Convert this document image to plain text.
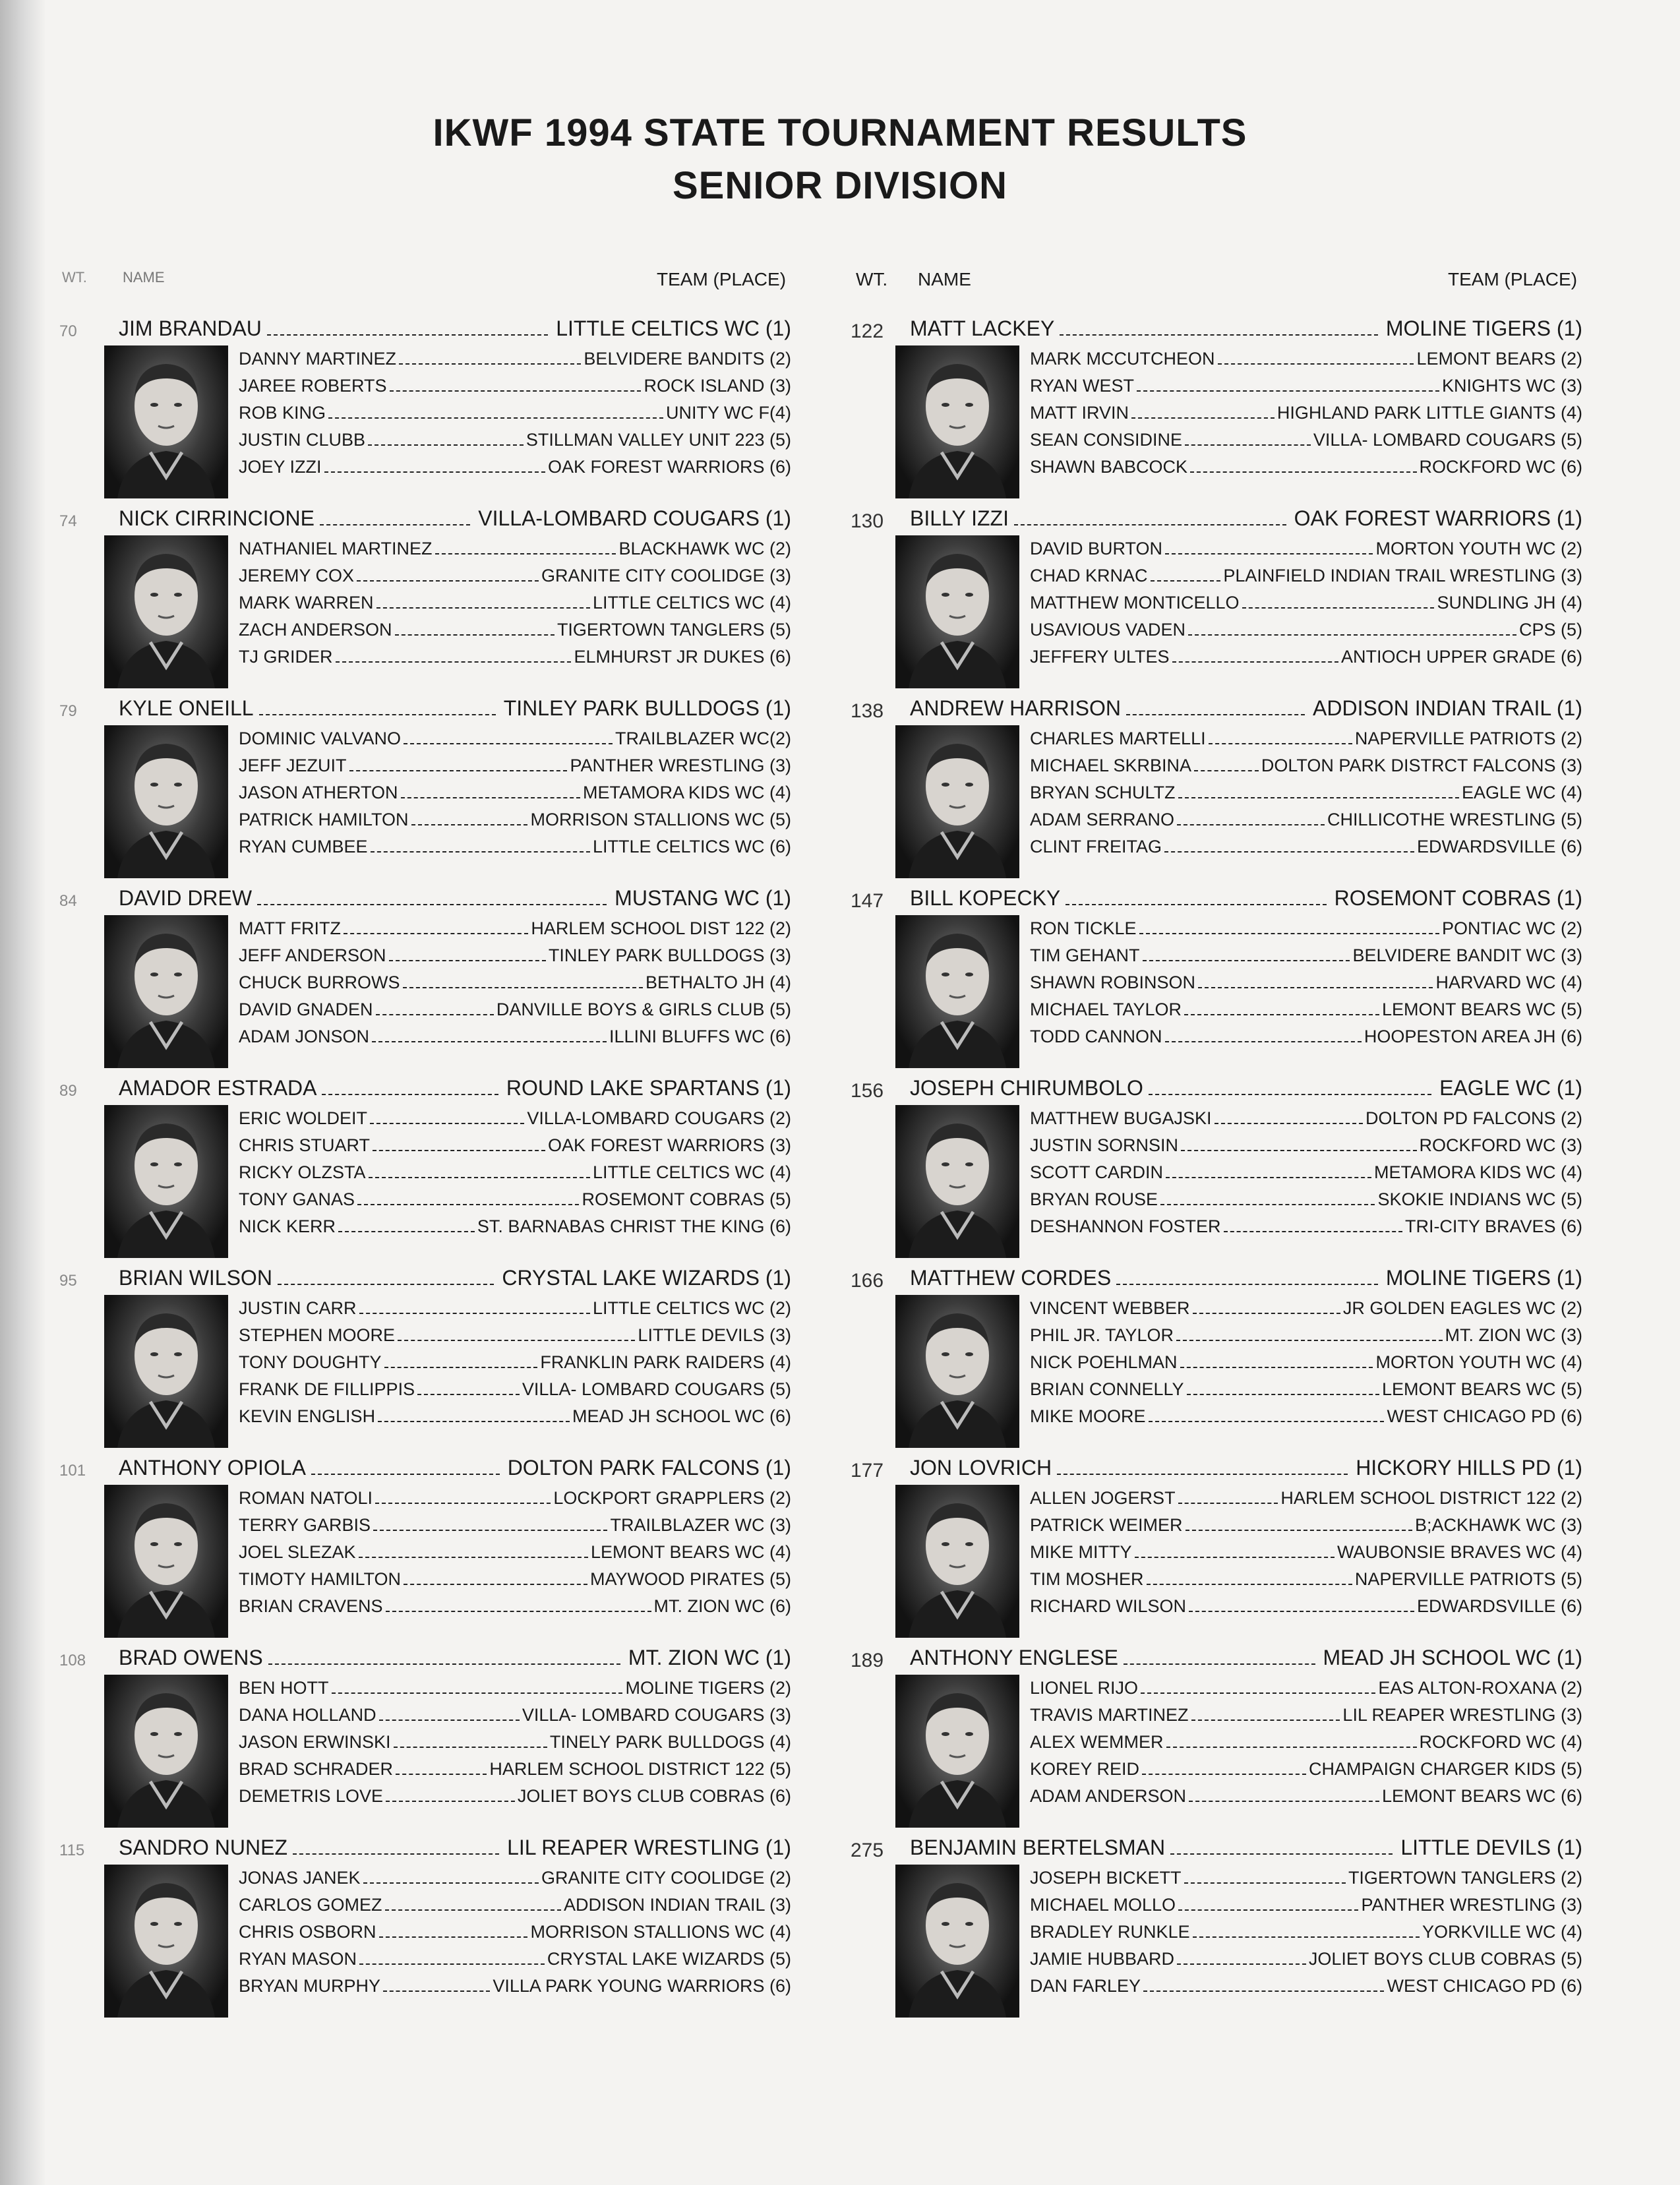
IKWF 1994 STATE TOURNAMENT RESULTS
SENIOR DIVISION
WT. NAME	TEAM (PLACE)	WT. NAME	TEAM (PLACE)
70	JIM BRANDAU	LITTLE CELTICS WC (1)
DANNY MARTINEZ	BELVIDERE BANDITS (2)
JAREE ROBERTS	ROCK ISLAND (3)
ROB KING	UNITY WC F(4)
JUSTIN CLUBB	STILLMAN VALLEY UNIT 223 (5)
JOEY IZZI	OAK FOREST WARRIORS (6)
74	NICK CIRRINCIONE	VILLA-LOMBARD COUGARS (1)
NATHANIEL MARTINEZ	BLACKHAWK WC (2)
JEREMY COX	GRANITE CITY COOLIDGE (3)
MARK WARREN	LITTLE CELTICS WC (4)
ZACH ANDERSON	TIGERTOWN TANGLERS (5)
TJ GRIDER	ELMHURST JR DUKES (6)
79	KYLE ONEILL	TINLEY PARK BULLDOGS (1)
DOMINIC VALVANO	TRAILBLAZER WC(2)
JEFF JEZUIT	PANTHER WRESTLING (3)
JASON ATHERTON	METAMORA KIDS WC (4)
PATRICK HAMILTON	MORRISON STALLIONS WC (5)
RYAN CUMBEE	LITTLE CELTICS WC (6)
84	DAVID DREW	MUSTANG WC (1)
MATT FRITZ	HARLEM SCHOOL DIST 122 (2)
JEFF ANDERSON	TINLEY PARK BULLDOGS (3)
CHUCK BURROWS	BETHALTO JH (4)
DAVID GNADEN	DANVILLE BOYS & GIRLS CLUB (5)
ADAM JONSON	ILLINI BLUFFS WC (6)
89	AMADOR ESTRADA	ROUND LAKE SPARTANS (1)
ERIC WOLDEIT	VILLA-LOMBARD COUGARS (2)
CHRIS STUART	OAK FOREST WARRIORS (3)
RICKY OLZSTA	LITTLE CELTICS WC (4)
TONY GANAS	ROSEMONT COBRAS (5)
NICK KERR	ST. BARNABAS CHRIST THE KING (6)
95	BRIAN WILSON	CRYSTAL LAKE WIZARDS (1)
JUSTIN CARR	LITTLE CELTICS WC (2)
STEPHEN MOORE	LITTLE DEVILS (3)
TONY DOUGHTY	FRANKLIN PARK RAIDERS (4)
FRANK DE FILLIPPIS	VILLA- LOMBARD COUGARS (5)
KEVIN ENGLISH	MEAD JH SCHOOL WC (6)
101	ANTHONY OPIOLA	DOLTON PARK FALCONS (1)
ROMAN NATOLI	LOCKPORT GRAPPLERS (2)
TERRY GARBIS	TRAILBLAZER WC (3)
JOEL SLEZAK	LEMONT BEARS WC (4)
TIMOTY HAMILTON	MAYWOOD PIRATES (5)
BRIAN CRAVENS	MT. ZION WC (6)
108	BRAD OWENS	MT. ZION WC (1)
BEN HOTT	MOLINE TIGERS (2)
DANA HOLLAND	VILLA- LOMBARD COUGARS (3)
JASON ERWINSKI	TINELY PARK BULLDOGS (4)
BRAD SCHRADER	HARLEM SCHOOL DISTRICT 122 (5)
DEMETRIS LOVE	JOLIET BOYS CLUB COBRAS (6)
115	SANDRO NUNEZ	LIL REAPER WRESTLING (1)
JONAS JANEK	GRANITE CITY COOLIDGE (2)
CARLOS GOMEZ	ADDISON INDIAN TRAIL (3)
CHRIS OSBORN	MORRISON STALLIONS WC (4)
RYAN MASON	CRYSTAL LAKE WIZARDS (5)
BRYAN MURPHY	VILLA PARK YOUNG WARRIORS (6)
122	MATT LACKEY	MOLINE TIGERS (1)
MARK MCCUTCHEON	LEMONT BEARS (2)
RYAN WEST	KNIGHTS WC (3)
MATT IRVIN	HIGHLAND PARK LITTLE GIANTS (4)
SEAN CONSIDINE	VILLA- LOMBARD COUGARS (5)
SHAWN BABCOCK	ROCKFORD WC (6)
130	BILLY IZZI	OAK FOREST WARRIORS (1)
DAVID BURTON	MORTON YOUTH WC (2)
CHAD KRNAC	PLAINFIELD INDIAN TRAIL WRESTLING (3)
MATTHEW MONTICELLO	SUNDLING JH (4)
USAVIOUS VADEN	CPS (5)
JEFFERY ULTES	ANTIOCH UPPER GRADE (6)
138	ANDREW HARRISON	ADDISON INDIAN TRAIL (1)
CHARLES MARTELLI	NAPERVILLE PATRIOTS (2)
MICHAEL SKRBINA	DOLTON PARK DISTRCT FALCONS (3)
BRYAN SCHULTZ	EAGLE WC (4)
ADAM SERRANO	CHILLICOTHE WRESTLING (5)
CLINT FREITAG	EDWARDSVILLE (6)
147	BILL KOPECKY	ROSEMONT COBRAS (1)
RON TICKLE	PONTIAC WC (2)
TIM GEHANT	BELVIDERE BANDIT WC (3)
SHAWN ROBINSON	HARVARD WC (4)
MICHAEL TAYLOR	LEMONT BEARS WC (5)
TODD CANNON	HOOPESTON AREA JH (6)
156	JOSEPH CHIRUMBOLO	EAGLE WC (1)
MATTHEW BUGAJSKI	DOLTON PD FALCONS (2)
JUSTIN SORNSIN	ROCKFORD WC (3)
SCOTT CARDIN	METAMORA KIDS WC (4)
BRYAN ROUSE	SKOKIE INDIANS WC (5)
DESHANNON FOSTER	TRI-CITY BRAVES (6)
166	MATTHEW CORDES	MOLINE TIGERS (1)
VINCENT WEBBER	JR GOLDEN EAGLES WC (2)
PHIL JR. TAYLOR	MT. ZION WC (3)
NICK POEHLMAN	MORTON YOUTH WC (4)
BRIAN CONNELLY	LEMONT BEARS WC (5)
MIKE MOORE	WEST CHICAGO PD (6)
177	JON LOVRICH	HICKORY HILLS PD (1)
ALLEN JOGERST	HARLEM SCHOOL DISTRICT 122 (2)
PATRICK WEIMER	B;ACKHAWK WC (3)
MIKE MITTY	WAUBONSIE BRAVES WC (4)
TIM MOSHER	NAPERVILLE PATRIOTS (5)
RICHARD WILSON	EDWARDSVILLE (6)
189	ANTHONY ENGLESE	MEAD JH SCHOOL WC (1)
LIONEL RIJO	EAS ALTON-ROXANA (2)
TRAVIS MARTINEZ	LIL REAPER WRESTLING (3)
ALEX WEMMER	ROCKFORD WC (4)
KOREY REID	CHAMPAIGN CHARGER KIDS (5)
ADAM ANDERSON	LEMONT BEARS WC (6)
275	BENJAMIN BERTELSMAN	LITTLE DEVILS (1)
JOSEPH BICKETT	TIGERTOWN TANGLERS (2)
MICHAEL MOLLO	PANTHER WRESTLING (3)
BRADLEY RUNKLE	YORKVILLE WC (4)
JAMIE HUBBARD	JOLIET BOYS CLUB COBRAS (5)
DAN FARLEY	WEST CHICAGO PD (6)
